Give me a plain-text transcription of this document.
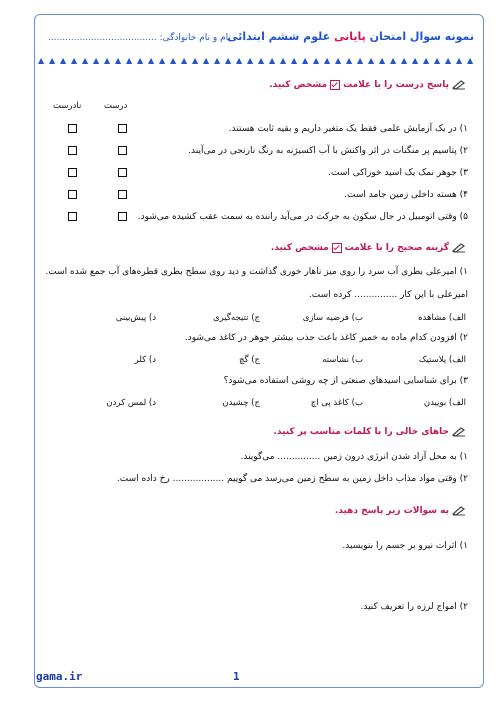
نمونه سوال امتحان پایانی علوم ششم ابتدائی
نام و نام خانوادگی: ......................................
▲ ▲ ▲ ▲ ▲ ▲ ▲ ▲ ▲ ▲ ▲ ▲ ▲ ▲ ▲ ▲ ▲ ▲ ▲ ▲ ▲ ▲ ▲ ▲ ▲ ▲ ▲ ▲ ▲ ▲ ▲ ▲ ▲ ▲ ▲ ▲ ▲ ▲ ▲ ▲
پاسخ درست را با علامت
مشخص کنید.
درست
نادرست
۱) در یک آزمایش علمی فقط یک متغیر داریم و بقیه ثابت هستند.
۲) پتاسیم پر منگنات در اثر واکنش با آب اکسیژنه به رنگ نارنجی در می‌آیند.
۳) جوهر نمک یک اسید خوراکی است.
۴) هسته داخلی زمین جامد است.
۵) وقتی اتومبیل در حال سکون به حرکت در می‌آید راننده به سمت عقب کشیده می‌شود.
گزینه صحیح را با علامت
مشخص کنید.
۱) امیرعلی بطری آب سرد را روی میز ناهار خوری گذاشت و دید روی سطح بطری قطره‌های آب جمع شده است.
امیرعلی با این کار ............... کرده است.
الف) مشاهده
ب) فرضیه سازی
ج) نتیجه‌گیری
د) پیش‌بینی
۲) افزودن کدام ماده به خمیر کاغذ باعث جذب بیشتر جوهر در کاغذ می‌شود.
الف) پلاستیک
ب) نشاسته
ج) گچ
د) کلر
۳) برای شناسایی اسیدهای صنعتی از چه روشی استفاده می‌شود؟
الف) بوییدن
ب) کاغذ پی اچ
ج) چشیدن
د) لمس کردن
جاهای خالی را با کلمات مناسب پر کنید.
۱) به محل آزاد شدن انرژی درون زمین ............... می‌گویند.
۲) وقتی مواد مذاب داخل زمین به سطح زمین می‌رسد می گوییم .................. رخ داده است.
به سوالات زیر پاسخ دهید.
۱) اثرات نیرو بر جسم را بنویسید.
۲) امواج لرزه را تعریف کنید.
gama.ir	1
